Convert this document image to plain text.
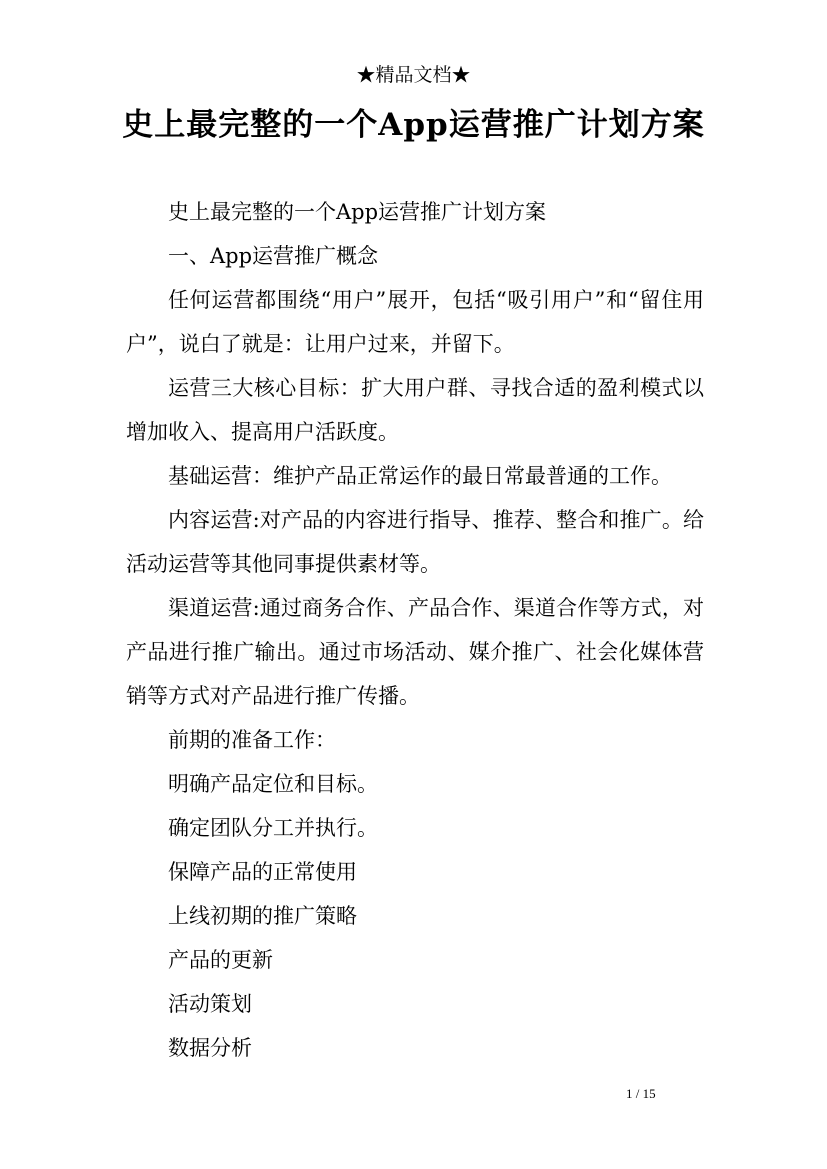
★精品文档★
史上最完整的一个App运营推广计划方案

史上最完整的一个App运营推广计划方案

一、App运营推广概念

任何运营都围绕“用户”展开，包括“吸引用户”和“留住用户”，说白了就是：让用户过来，并留下。

运营三大核心目标：扩大用户群、寻找合适的盈利模式以增加收入、提高用户活跃度。

基础运营：维护产品正常运作的最日常最普通的工作。

内容运营:对产品的内容进行指导、推荐、整合和推广。给活动运营等其他同事提供素材等。

渠道运营:通过商务合作、产品合作、渠道合作等方式，对产品进行推广输出。通过市场活动、媒介推广、社会化媒体营销等方式对产品进行推广传播。

前期的准备工作：

明确产品定位和目标。

确定团队分工并执行。

保障产品的正常使用

上线初期的推广策略

产品的更新

活动策划

数据分析

1 / 15
